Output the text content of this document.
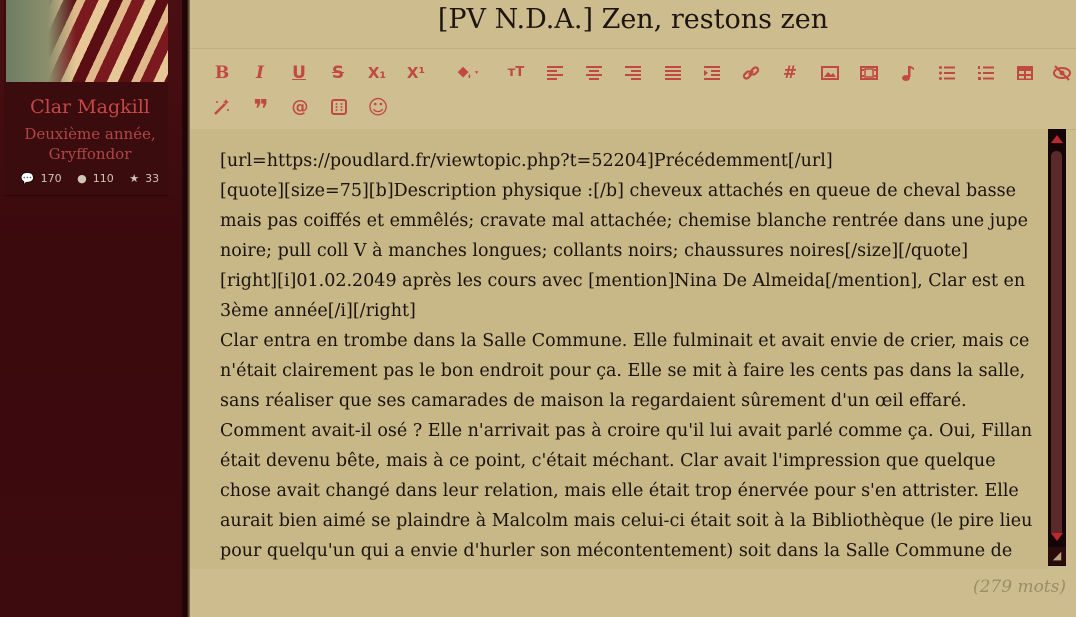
Clar Magkill
Deuxième année,
Gryffondor
💬 170 ● 110 ★ 33
[PV N.D.A.] Zen, restons zen
B	I	U	S	X₁ X¹	тT	#
❞ @	☺
[url=https://poudlard.fr/viewtopic.php?t=52204]Précédemment[/url]
[quote][size=75][b]Description physique :[/b] cheveux attachés en queue de cheval basse mais pas coiffés et emmêlés; cravate mal attachée; chemise blanche rentrée dans une jupe noire; pull coll V à manches longues; collants noirs; chaussures noires[/size][/quote]
[right][i]01.02.2049 après les cours avec [mention]Nina De Almeida[/mention], Clar est en 3ème année[/i][/right]
Clar entra en trombe dans la Salle Commune. Elle fulminait et avait envie de crier, mais ce n'était clairement pas le bon endroit pour ça. Elle se mit à faire les cents pas dans la salle, sans réaliser que ses camarades de maison la regardaient sûrement d'un œil effaré.
Comment avait-il osé ? Elle n'arrivait pas à croire qu'il lui avait parlé comme ça. Oui, Fillan était devenu bête, mais à ce point, c'était méchant. Clar avait l'impression que quelque chose avait changé dans leur relation, mais elle était trop énervée pour s'en attrister. Elle aurait bien aimé se plaindre à Malcolm mais celui-ci était soit à la Bibliothèque (le pire lieu pour quelqu'un qui a envie d'hurler son mécontentement) soit dans la Salle Commune de	◢
(279 mots)
